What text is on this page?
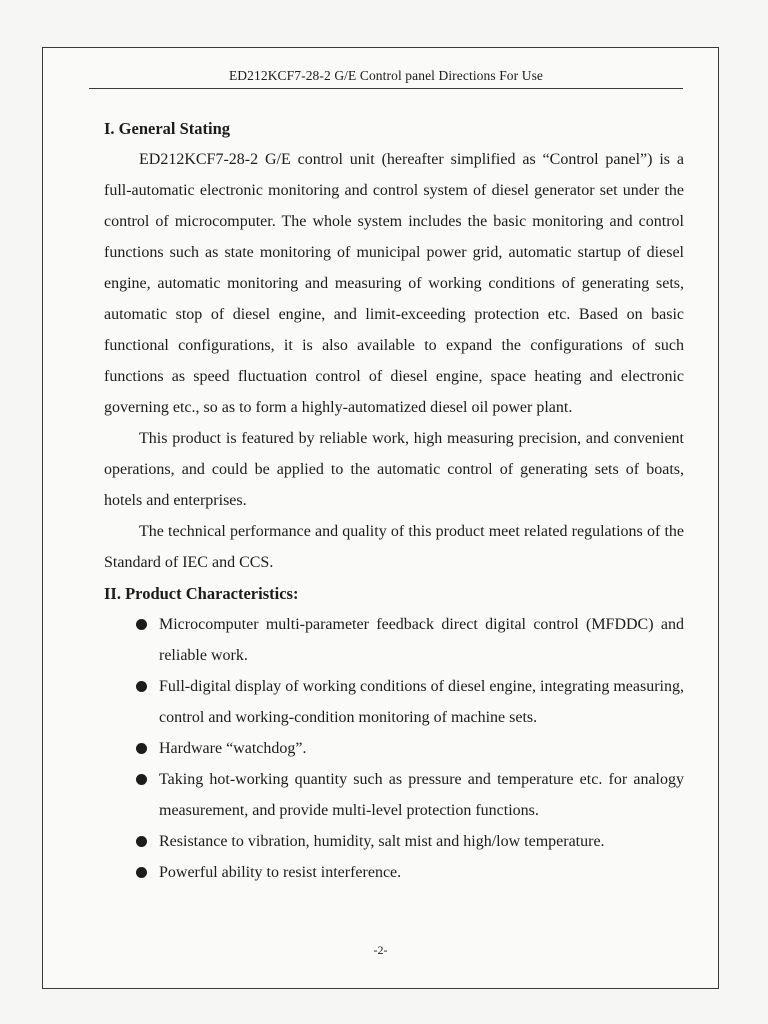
ED212KCF7-28-2 G/E Control panel Directions For Use

I. General Stating

ED212KCF7-28-2 G/E control unit (hereafter simplified as “Control panel”) is a full-automatic electronic monitoring and control system of diesel generator set under the control of microcomputer. The whole system includes the basic monitoring and control functions such as state monitoring of municipal power grid, automatic startup of diesel engine, automatic monitoring and measuring of working conditions of generating sets, automatic stop of diesel engine, and limit-exceeding protection etc. Based on basic functional configurations, it is also available to expand the configurations of such functions as speed fluctuation control of diesel engine, space heating and electronic governing etc., so as to form a highly-automatized diesel oil power plant.

This product is featured by reliable work, high measuring precision, and convenient operations, and could be applied to the automatic control of generating sets of boats, hotels and enterprises.

The technical performance and quality of this product meet related regulations of the Standard of IEC and CCS.

II. Product Characteristics:

Microcomputer multi-parameter feedback direct digital control (MFDDC) and reliable work.
Full-digital display of working conditions of diesel engine, integrating measuring, control and working-condition monitoring of machine sets.
Hardware “watchdog”.
Taking hot-working quantity such as pressure and temperature etc. for analogy measurement, and provide multi-level protection functions.
Resistance to vibration, humidity, salt mist and high/low temperature.
Powerful ability to resist interference.
-2-
